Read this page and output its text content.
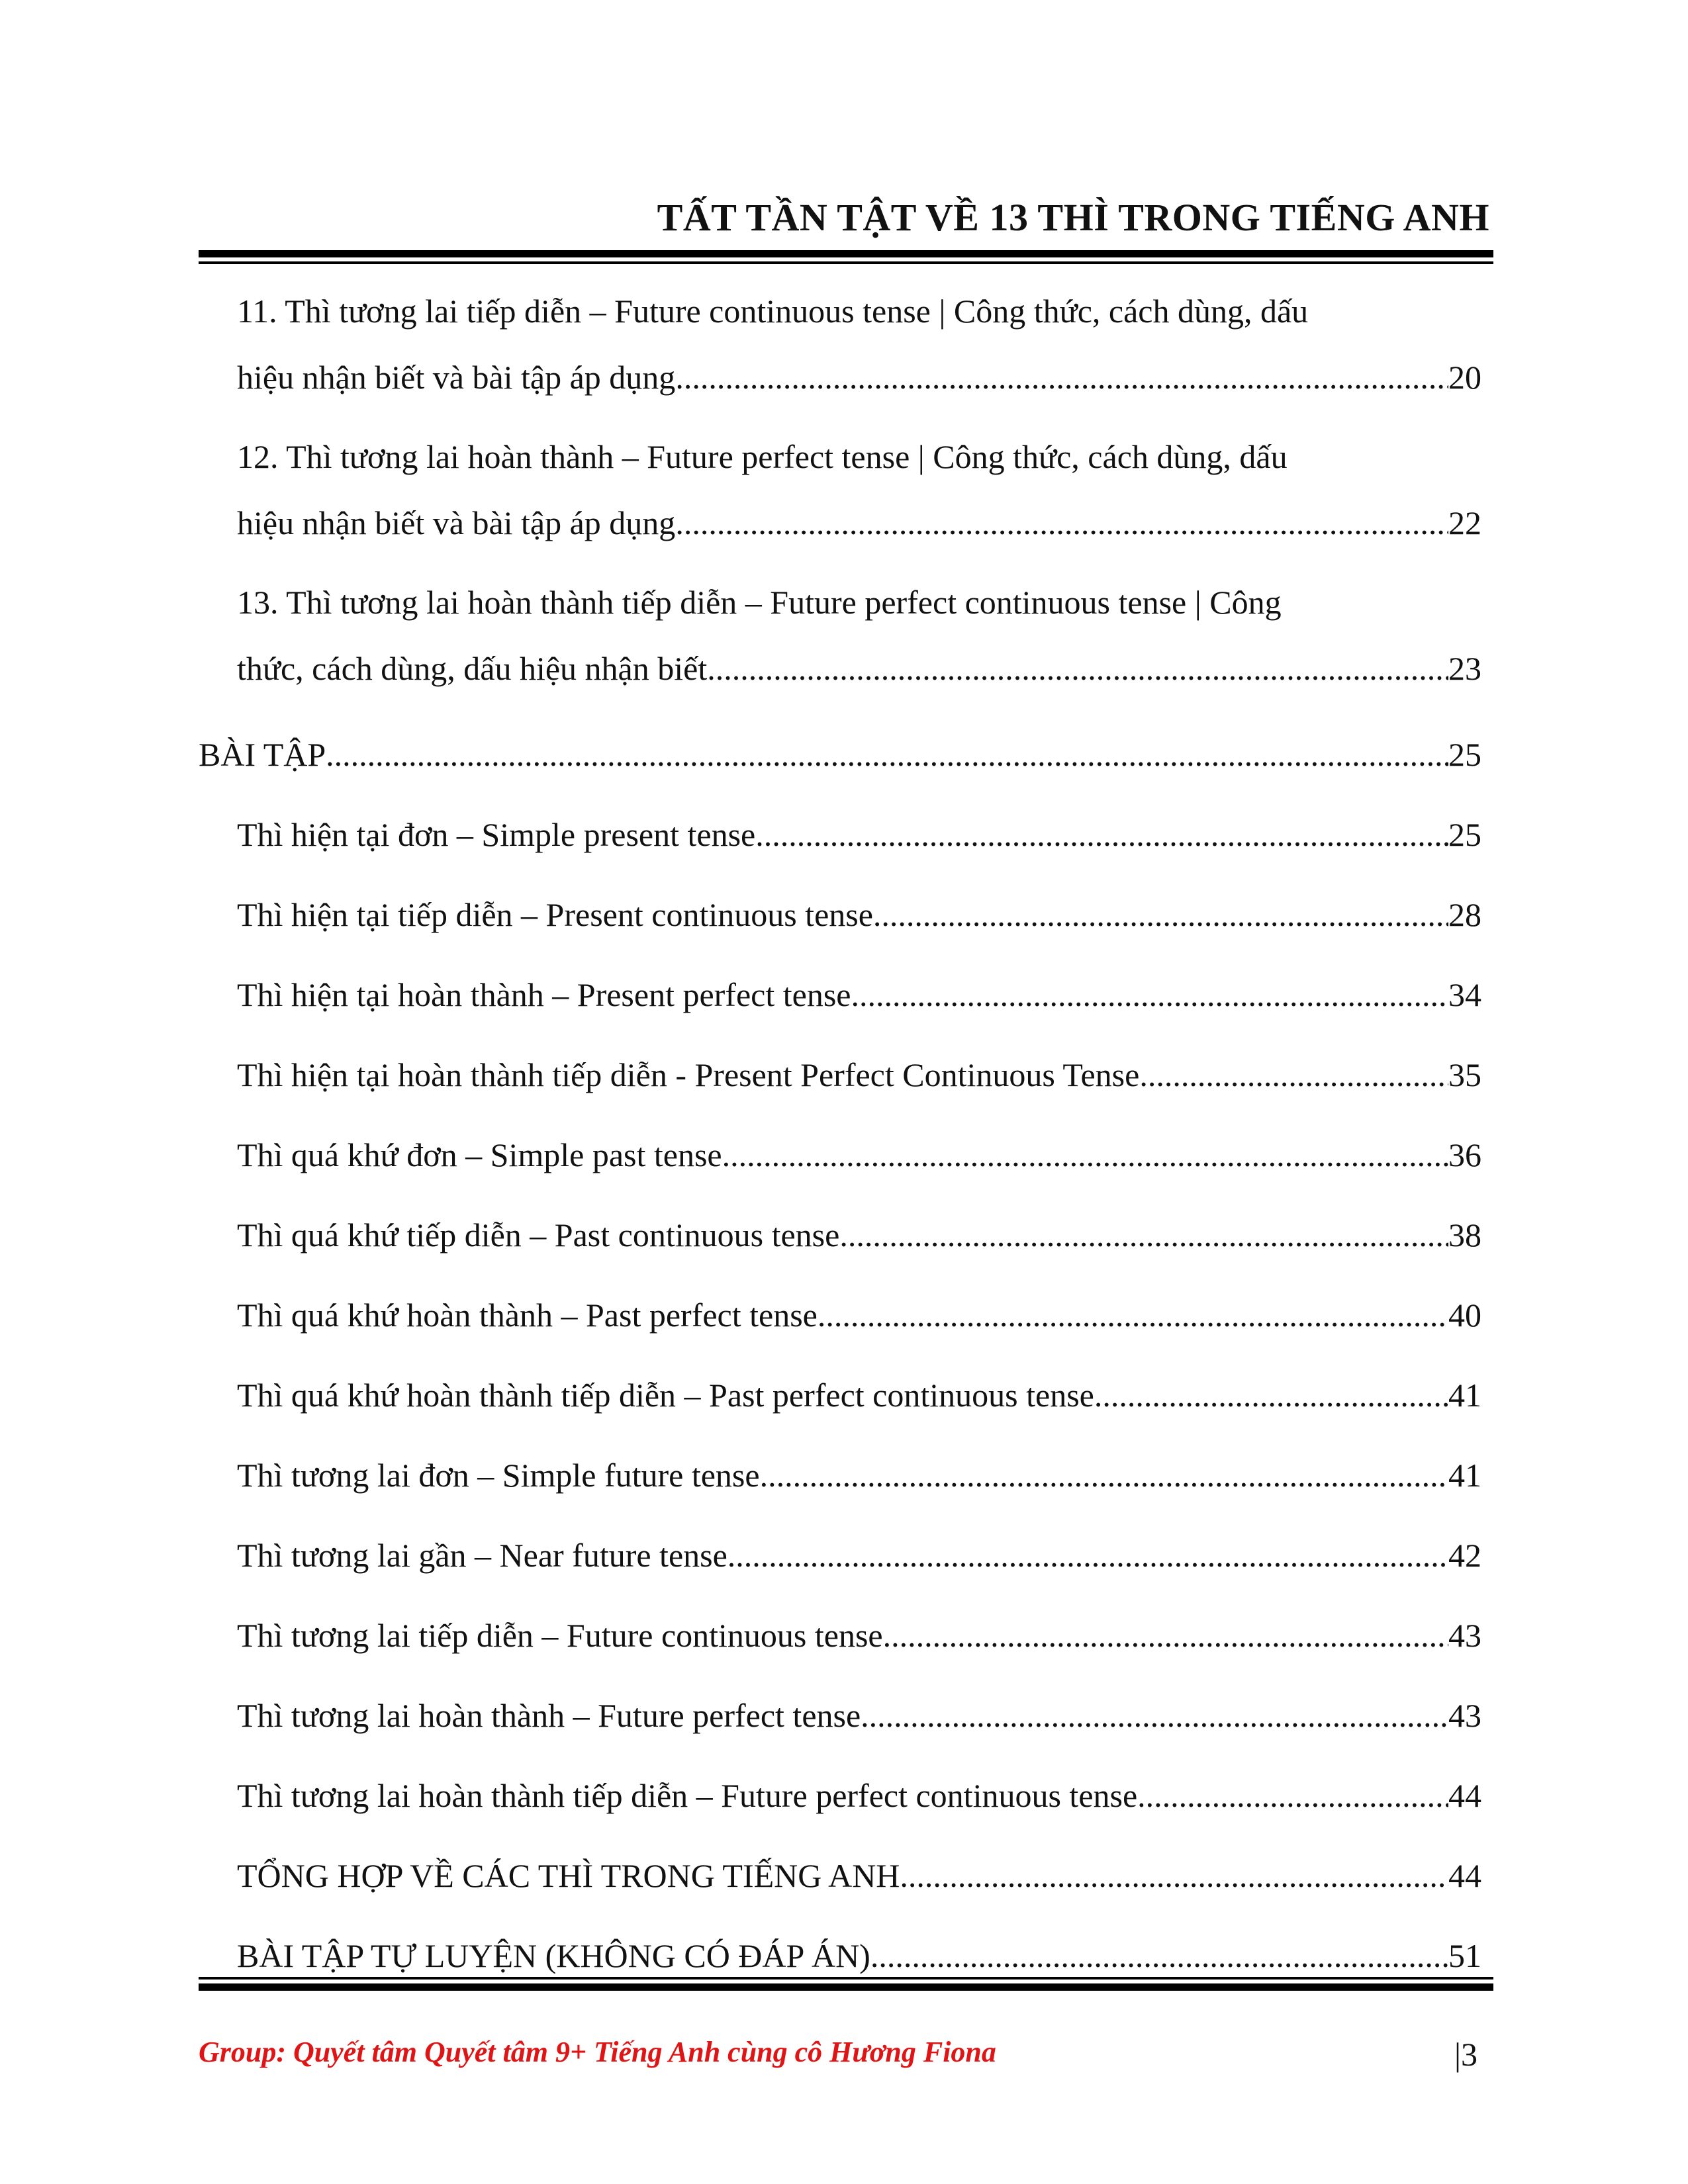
TẤT TẦN TẬT VỀ 13 THÌ TRONG TIẾNG ANH
11. Thì tương lai tiếp diễn – Future continuous tense | Công thức, cách dùng, dấu
hiệu nhận biết và bài tập áp dụng .....	20
12. Thì tương lai hoàn thành – Future perfect tense | Công thức, cách dùng, dấu
hiệu nhận biết và bài tập áp dụng .....	22
13. Thì tương lai hoàn thành tiếp diễn – Future perfect continuous tense | Công
thức, cách dùng, dấu hiệu nhận biết .....	23
BÀI TẬP .....	25
Thì hiện tại đơn – Simple present tense .....	25
Thì hiện tại tiếp diễn – Present continuous tense .....	28
Thì hiện tại hoàn thành – Present perfect tense .....	34
Thì hiện tại hoàn thành tiếp diễn - Present Perfect Continuous Tense .....	35
Thì quá khứ đơn – Simple past tense .....	36
Thì quá khứ tiếp diễn – Past continuous tense .....	38
Thì quá khứ hoàn thành – Past perfect tense .....	40
Thì quá khứ hoàn thành tiếp diễn – Past perfect continuous tense .....	41
Thì tương lai đơn – Simple future tense .....	41
Thì tương lai gần – Near future tense .....	42
Thì tương lai tiếp diễn – Future continuous tense .....	43
Thì tương lai hoàn thành – Future perfect tense .....	43
Thì tương lai hoàn thành tiếp diễn – Future perfect continuous tense .....	44
TỔNG HỢP VỀ CÁC THÌ TRONG TIẾNG ANH .....	44
BÀI TẬP TỰ LUYỆN (KHÔNG CÓ ĐÁP ÁN) .....	51
Group: Quyết tâm Quyết tâm 9+ Tiếng Anh cùng cô Hương Fiona	|3
